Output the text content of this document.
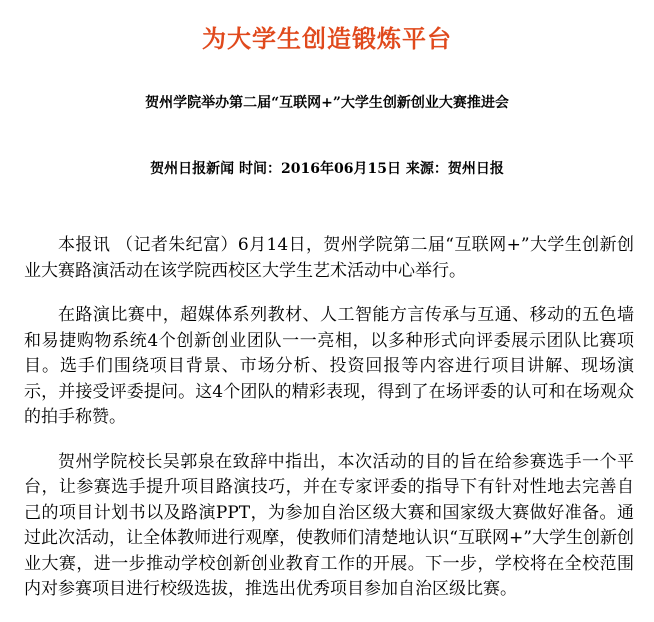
为大学生创造锻炼平台
贺州学院举办第二届“互联网+”大学生创新创业大赛推进会
贺州日报新闻 时间：2016年06月15日 来源：贺州日报

本报讯 （记者朱纪富）6月14日，贺州学院第二届“互联网+”大学生创新创业大赛路演活动在该学院西校区大学生艺术活动中心举行。

在路演比赛中，超媒体系列教材、人工智能方言传承与互通、移动的五色墙和易捷购物系统4个创新创业团队一一亮相，以多种形式向评委展示团队比赛项目。选手们围绕项目背景、市场分析、投资回报等内容进行项目讲解、现场演示，并接受评委提问。这4个团队的精彩表现，得到了在场评委的认可和在场观众的拍手称赞。

贺州学院校长吴郭泉在致辞中指出，本次活动的目的旨在给参赛选手一个平台，让参赛选手提升项目路演技巧，并在专家评委的指导下有针对性地去完善自己的项目计划书以及路演PPT，为参加自治区级大赛和国家级大赛做好准备。通过此次活动，让全体教师进行观摩，使教师们清楚地认识“互联网+”大学生创新创业大赛，进一步推动学校创新创业教育工作的开展。下一步，学校将在全校范围内对参赛项目进行校级选拔，推选出优秀项目参加自治区级比赛。
